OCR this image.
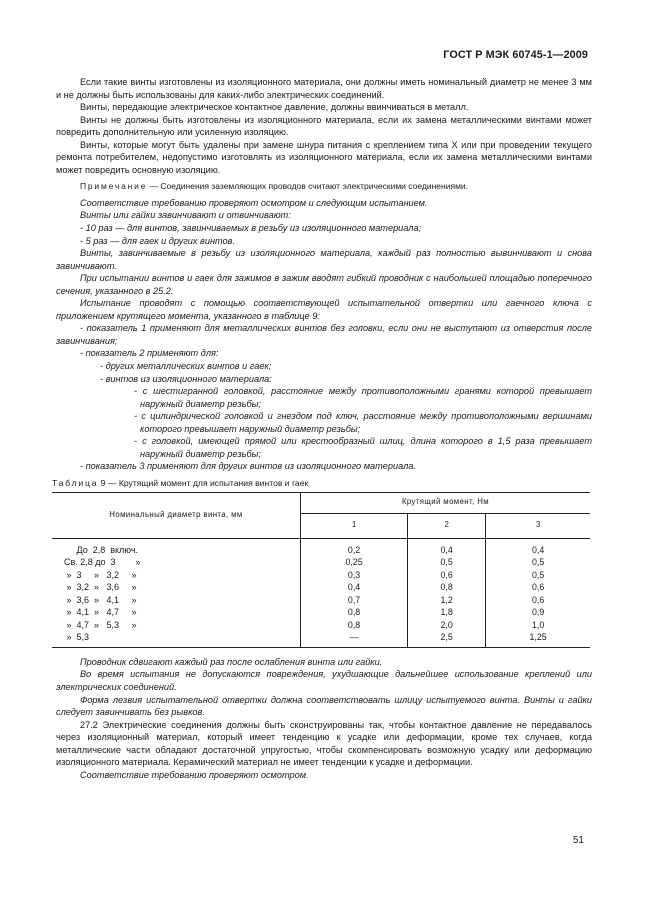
ГОСТ Р МЭК 60745-1—2009

Если такие винты изготовлены из изоляционного материала, они должны иметь номинальный диаметр не менее 3 мм и не должны быть использованы для каких-либо электрических соединений.

Винты, передающие электрическое контактное давление, должны ввинчиваться в металл.

Винты не должны быть изготовлены из изоляционного материала, если их замена металлическими винтами может повредить дополнительную или усиленную изоляцию.

Винты, которые могут быть удалены при замене шнура питания с креплением типа X или при проведении текущего ремонта потребителем, недопустимо изготовлять из изоляционного материала, если их замена металлическими винтами может повредить основную изоляцию.

Примечание — Соединения заземляющих проводов считают электрическими соединениями.

Соответствие требованию проверяют осмотром и следующим испытанием.

Винты или гайки завинчивают и отвинчивают:

- 10 раз — для винтов, завинчиваемых в резьбу из изоляционного материала;

- 5 раз — для гаек и других винтов.

Винты, завинчиваемые в резьбу из изоляционного материала, каждый раз полностью вывинчивают и снова завинчивают.

При испытании винтов и гаек для зажимов в зажим вводят гибкий проводник с наибольшей площадью поперечного сечения, указанного в 25.2.

Испытание проводят с помощью соответствующей испытательной отвертки или гаечного ключа с приложением крутящего момента, указанного в таблице 9:

- показатель 1 применяют для металлических винтов без головки, если они не выступают из отверстия после завинчивания;

- показатель 2 применяют для:

- других металлических винтов и гаек;

- винтов из изоляционного материала:

- с шестигранной головкой, расстояние между противоположными гранями которой превышает наружный диаметр резьбы;

- с цилиндрической головкой и гнездом под ключ, расстояние между противоположными вершинами которого превышает наружный диаметр резьбы;

- с головкой, имеющей прямой или крестообразный шлиц, длина которого в 1,5 раза превышает наружный диаметр резьбы;

- показатель 3 применяют для других винтов из изоляционного материала.

Таблица 9 — Крутящий момент для испытания винтов и гаек

Номинальный диаметр винта, мм	Крутящий момент, Нм		
	1	2	3

До  2,8  включ.	0,2	0,4	0,4

Св. 2,8 до  3        »	0,25	0,5	0,5

»  3     »   3,2     »	0,3	0,6	0,5

»  3,2  »   3,6     »	0,4	0,8	0,6

»  3,6  »   4,1     »	0,7	1,2	0,6

»  4,1  »   4,7     »	0,8	1,8	0,9

»  4,7  »   5,3     »	0,8	2,0	1,0

»  5,3	—	2,5	1,25

Проводник сдвигают каждый раз после ослабления винта или гайки.

Во время испытания не допускаются повреждения, ухудшающие дальнейшее использование креплений или электрических соединений.

Форма лезвия испытательной отвертки должна соответствовать шлицу испытуемого винта. Винты и гайки следует завинчивать без рывков.

27.2 Электрические соединения должны быть сконструированы так, чтобы контактное давление не передавалось через изоляционный материал, который имеет тенденцию к усадке или деформации, кроме тех случаев, когда металлические части обладают достаточной упругостью, чтобы скомпенсировать возможную усадку или деформацию изоляционного материала. Керамический материал не имеет тенденции к усадке и деформации.

Соответствие требованию проверяют осмотром.

51
